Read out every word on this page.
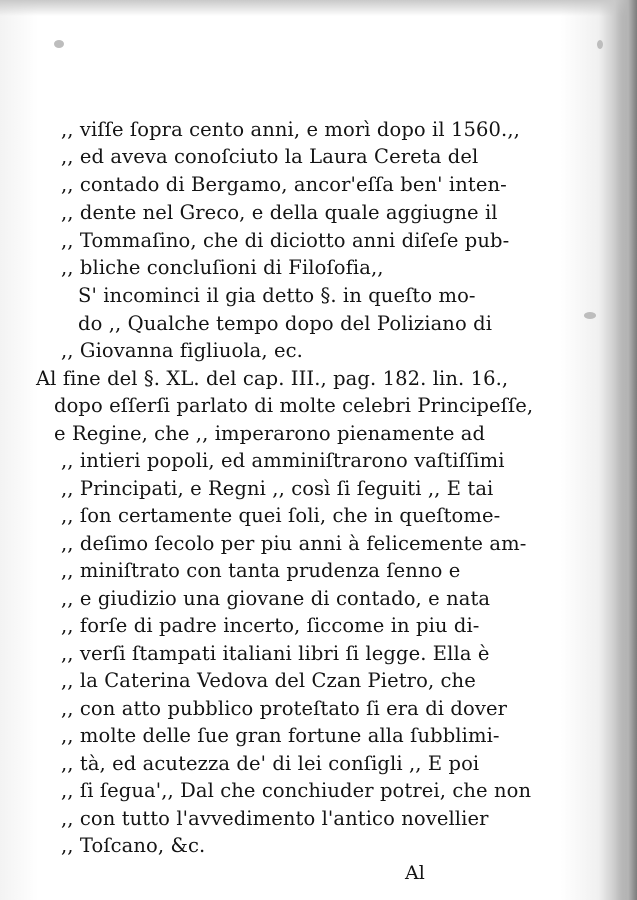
,, viſſe ſopra cento anni, e morì dopo il 1560.,,
,, ed aveva conoſciuto la Laura Cereta del
,, contado di Bergamo, ancor'eſſa ben' inten-
,, dente nel Greco, e della quale aggiugne il
,, Tommaſino, che di diciotto anni diſeſe pub-
,, bliche concluſioni di Filoſofia,,
S' incominci il gia detto §. in queſto mo-
do ,, Qualche tempo dopo del Poliziano di
,, Giovanna figliuola, ec.
Al fine del §. XL. del cap. III., pag. 182. lin. 16.,
dopo eſſerſi parlato di molte celebri Principeſſe,
e Regine, che ,, imperarono pienamente ad
,, intieri popoli, ed amminiſtrarono vaſtiſſimi
,, Principati, e Regni ,, così ſi ſeguiti ,, E tai
,, ſon certamente quei ſoli, che in queſtome-
,, deſimo ſecolo per piu anni à felicemente am-
,, miniſtrato con tanta prudenza ſenno e
,, e giudizio una giovane di contado, e nata
,, forſe di padre incerto, ſiccome in piu di-
,, verſi ſtampati italiani libri ſi legge. Ella è
,, la Caterina Vedova del Czan Pietro, che
,, con atto pubblico proteſtato ſi era di dover
,, molte delle ſue gran fortune alla ſubblimi-
,, tà, ed acutezza de' di lei conſigli ,, E poi
,, ſi ſegua',, Dal che conchiuder potrei, che non
,, con tutto l'avvedimento l'antico novellier
,, Toſcano, &c.
Al
